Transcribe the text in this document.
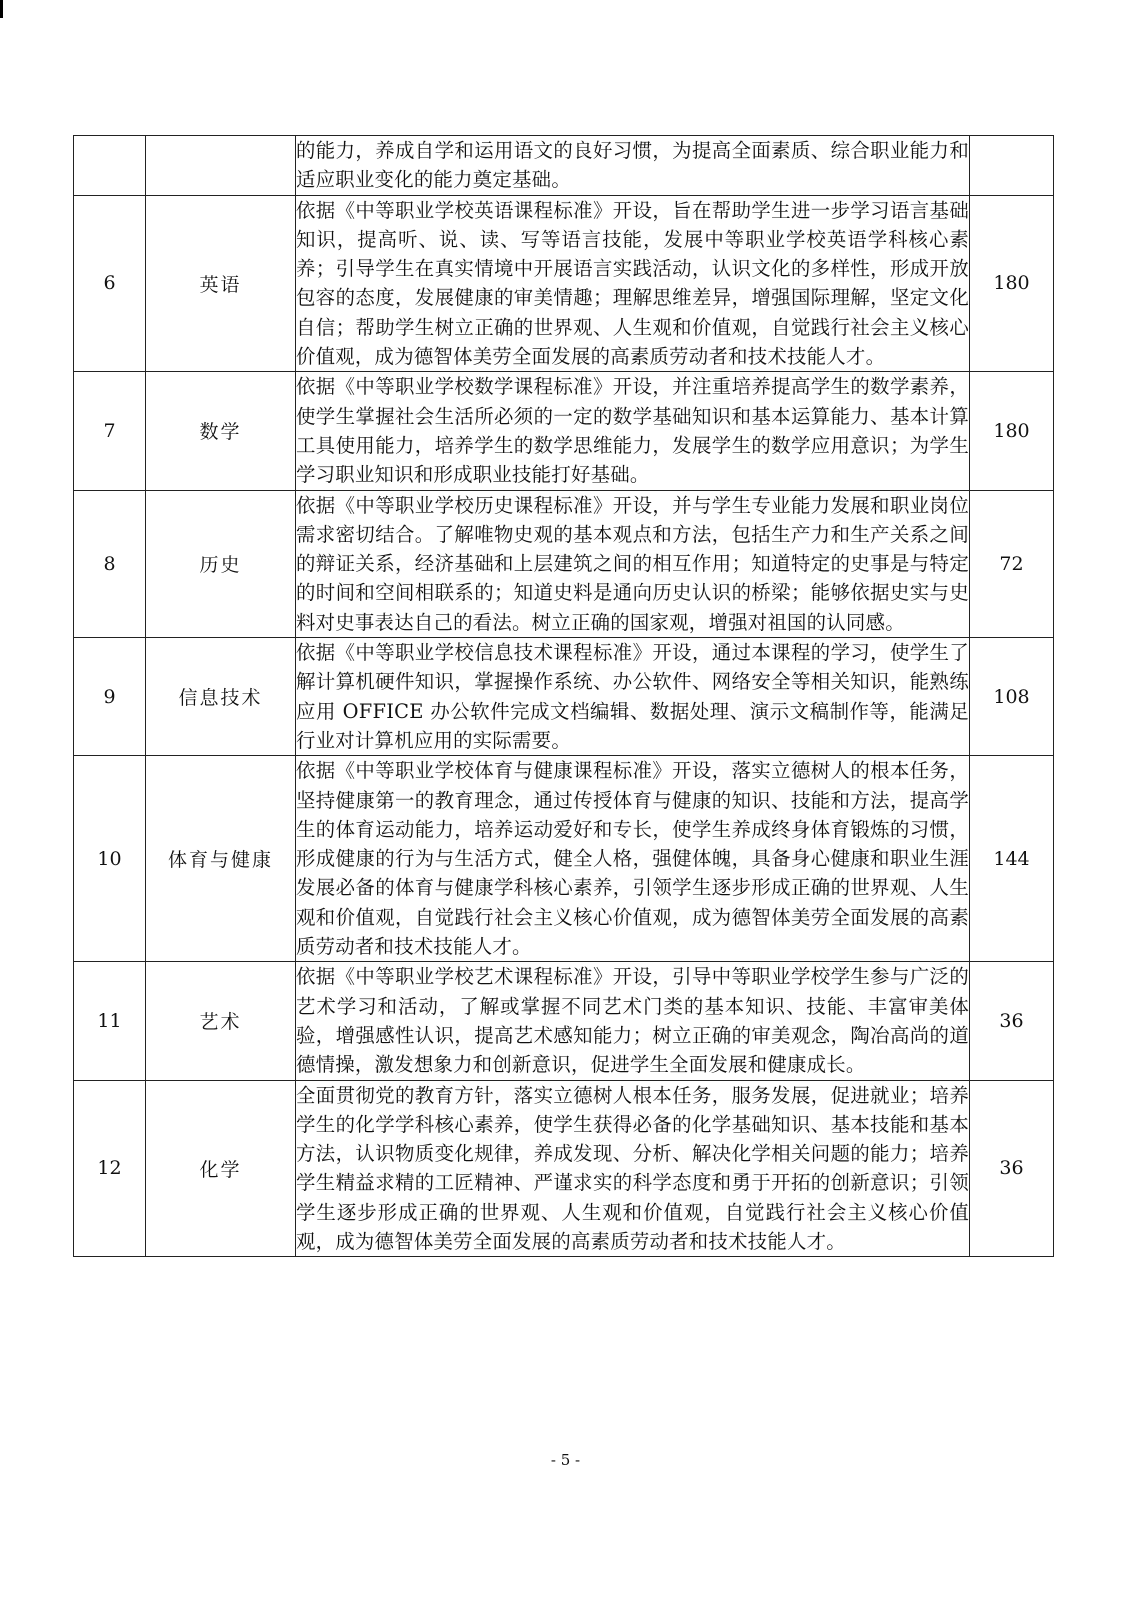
		的能力，养成自学和运用语文的良好习惯，为提高全面素质、综合职业能力和适应职业变化的能力奠定基础。	
6	英语	依据《中等职业学校英语课程标准》开设，旨在帮助学生进一步学习语言基础知识，提高听、说、读、写等语言技能，发展中等职业学校英语学科核心素养；引导学生在真实情境中开展语言实践活动，认识文化的多样性，形成开放包容的态度，发展健康的审美情趣；理解思维差异，增强国际理解，坚定文化自信；帮助学生树立正确的世界观、人生观和价值观，自觉践行社会主义核心价值观，成为德智体美劳全面发展的高素质劳动者和技术技能人才。	180
7	数学	依据《中等职业学校数学课程标准》开设，并注重培养提高学生的数学素养，使学生掌握社会生活所必须的一定的数学基础知识和基本运算能力、基本计算工具使用能力，培养学生的数学思维能力，发展学生的数学应用意识；为学生学习职业知识和形成职业技能打好基础。	180
8	历史	依据《中等职业学校历史课程标准》开设，并与学生专业能力发展和职业岗位需求密切结合。了解唯物史观的基本观点和方法，包括生产力和生产关系之间的辩证关系，经济基础和上层建筑之间的相互作用；知道特定的史事是与特定的时间和空间相联系的；知道史料是通向历史认识的桥梁；能够依据史实与史料对史事表达自己的看法。树立正确的国家观，增强对祖国的认同感。	72
9	信息技术	依据《中等职业学校信息技术课程标准》开设，通过本课程的学习，使学生了解计算机硬件知识，掌握操作系统、办公软件、网络安全等相关知识，能熟练应用 OFFICE 办公软件完成文档编辑、数据处理、演示文稿制作等，能满足行业对计算机应用的实际需要。	108
10	体育与健康	依据《中等职业学校体育与健康课程标准》开设，落实立德树人的根本任务，坚持健康第一的教育理念，通过传授体育与健康的知识、技能和方法，提高学生的体育运动能力，培养运动爱好和专长，使学生养成终身体育锻炼的习惯，形成健康的行为与生活方式，健全人格，强健体魄，具备身心健康和职业生涯发展必备的体育与健康学科核心素养，引领学生逐步形成正确的世界观、人生观和价值观，自觉践行社会主义核心价值观，成为德智体美劳全面发展的高素质劳动者和技术技能人才。	144
11	艺术	依据《中等职业学校艺术课程标准》开设，引导中等职业学校学生参与广泛的艺术学习和活动，了解或掌握不同艺术门类的基本知识、技能、丰富审美体验，增强感性认识，提高艺术感知能力；树立正确的审美观念，陶冶高尚的道德情操，激发想象力和创新意识，促进学生全面发展和健康成长。	36
12	化学	全面贯彻党的教育方针，落实立德树人根本任务，服务发展，促进就业；培养学生的化学学科核心素养，使学生获得必备的化学基础知识、基本技能和基本方法，认识物质变化规律，养成发现、分析、解决化学相关问题的能力；培养学生精益求精的工匠精神、严谨求实的科学态度和勇于开拓的创新意识；引领学生逐步形成正确的世界观、人生观和价值观，自觉践行社会主义核心价值观，成为德智体美劳全面发展的高素质劳动者和技术技能人才。	36
- 5 -
